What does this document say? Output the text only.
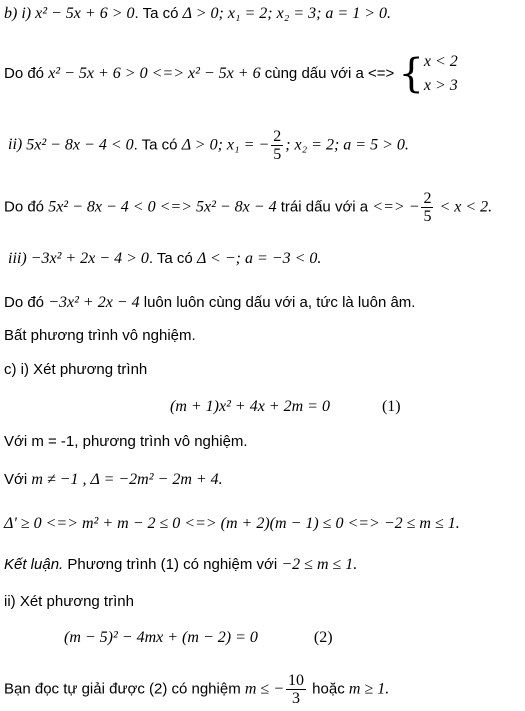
b) i) x² − 5x + 6 > 0. Ta có Δ > 0; x₁ = 2; x₂ = 3; a = 1 > 0.
Do đó x² − 5x + 6 > 0 <=> x² − 5x + 6 cùng dấu với a <=> { x < 2
x > 3
ii) 5x² − 8x − 4 < 0. Ta có Δ > 0; x₁ = − $\frac{2}{5}$ ; x₂ = 2; a = 5 > 0.
Do đó 5x² − 8x − 4 < 0 <=> 5x² − 8x − 4 trái dấu với a <=> − $\frac{2}{5} < x < 2$.
iii) −3x² + 2x − 4 > 0. Ta có Δ < −; a = −3 < 0.
Do đó −3x² + 2x − 4 luôn luôn cùng dấu với a, tức là luôn âm.
Bất phương trình vô nghiệm.
c) i) Xét phương trình
(m + 1)x² + 4x + 2m = 0	(1)
Với m = -1, phương trình vô nghiệm.
Với m ≠ −1 , Δ = −2m² − 2m + 4.
Δ' ≥ 0 <=> m² + m − 2 ≤ 0 <=> (m + 2)(m − 1) ≤ 0 <=> −2 ≤ m ≤ 1.
Kết luận. Phương trình (1) có nghiệm với −2 ≤ m ≤ 1.
ii) Xét phương trình
(m − 5)² − 4mx + (m − 2) = 0	(2)
Bạn đọc tự giải được (2) có nghiệm m ≤ − $\frac{10}{3}$ hoặc m ≥ 1.
